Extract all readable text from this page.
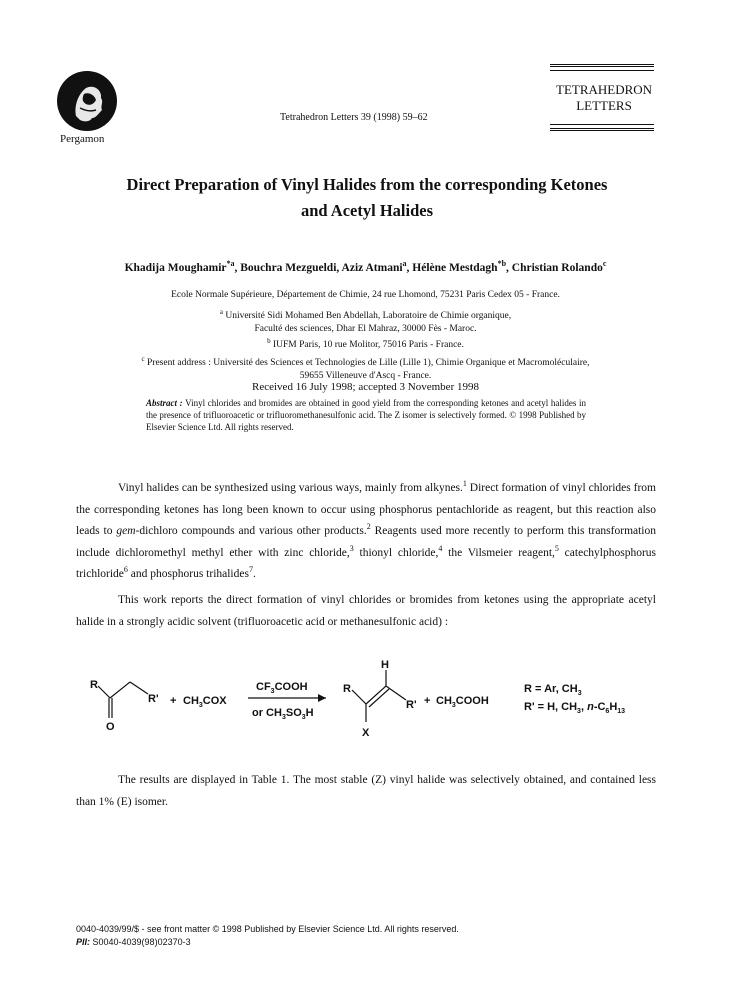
Pergamon
Tetrahedron Letters 39 (1998) 59–62
TETRAHEDRON
LETTERS
Direct Preparation of Vinyl Halides from the corresponding Ketones
and Acetyl Halides
Khadija Moughamir$^{*a}$, Bouchra Mezgueldi, Aziz Atmani$^a$, Hélène Mestdagh$^{*b}$, Christian Rolando$^c$
Ecole Normale Supérieure, Département de Chimie, 24 rue Lhomond, 75231 Paris Cedex 05 - France.
$^a$ Université Sidi Mohamed Ben Abdellah, Laboratoire de Chimie organique,
Faculté des sciences, Dhar El Mahraz, 30000 Fès - Maroc.
$^b$ IUFM Paris, 10 rue Molitor, 75016 Paris - France.
$^c$ Present address : Université des Sciences et Technologies de Lille (Lille 1), Chimie Organique et Macromoléculaire,
59655 Villeneuve d'Ascq - France.
Received 16 July 1998; accepted 3 November 1998
Abstract : Vinyl chlorides and bromides are obtained in good yield from the corresponding ketones and acetyl halides in the presence of trifluoroacetic or trifluoromethanesulfonic acid. The Z isomer is selectively formed. © 1998 Published by Elsevier Science Ltd. All rights reserved.

Vinyl halides can be synthesized using various ways, mainly from alkynes.$^1$ Direct formation of vinyl chlorides from the corresponding ketones has long been known to occur using phosphorus pentachloride as reagent, but this reaction also leads to gem-dichloro compounds and various other products.$^2$ Reagents used more recently to perform this transformation include dichloromethyl methyl ether with zinc chloride,$^3$ thionyl chloride,$^4$ the Vilsmeier reagent,$^5$ catechylphosphorus trichloride$^6$ and phosphorus trihalides$^7$.

This work reports the direct formation of vinyl chlorides or bromides from ketones using the appropriate acetyl halide in a strongly acidic solvent (trifluoroacetic acid or methanesulfonic acid) :

R
R'
O
+ $CH_3COX$
$CF_3COOH$
or $CH_3SO_3H$
H
X
R
$R' + CH_3COOH$
R = Ar, $CH_3$
R' = H, $CH_3$, $n-C_6H_{13}$

The results are displayed in Table 1. The most stable (Z) vinyl halide was selectively obtained, and contained less than 1% (E) isomer.

0040-4039/99/$ - see front matter © 1998 Published by Elsevier Science Ltd. All rights reserved.
PII: S0040-4039(98)02370-3
